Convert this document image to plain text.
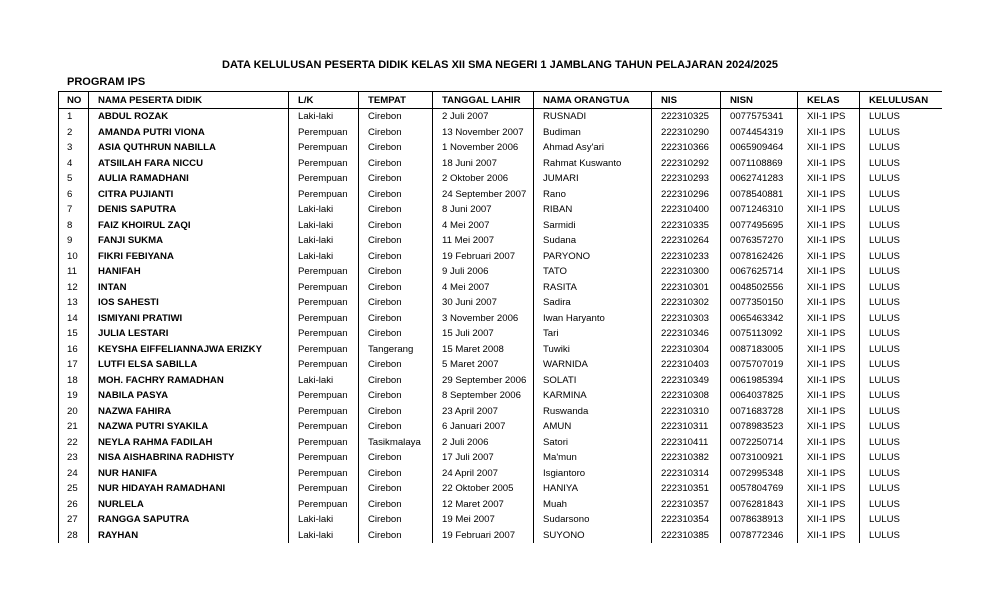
DATA KELULUSAN PESERTA DIDIK KELAS XII SMA NEGERI 1 JAMBLANG TAHUN PELAJARAN 2024/2025
PROGRAM IPS
NO	NAMA PESERTA DIDIK	L/K	TEMPAT	TANGGAL LAHIR	NAMA ORANGTUA	NIS	NISN	KELAS	KELULUSAN
1	ABDUL ROZAK	Laki-laki	Cirebon	2 Juli 2007	RUSNADI	222310325	0077575341	XII-1 IPS	LULUS
2	AMANDA PUTRI VIONA	Perempuan	Cirebon	13 November 2007	Budiman	222310290	0074454319	XII-1 IPS	LULUS
3	ASIA QUTHRUN NABILLA	Perempuan	Cirebon	1 November 2006	Ahmad Asy'ari	222310366	0065909464	XII-1 IPS	LULUS
4	ATSIILAH FARA NICCU	Perempuan	Cirebon	18 Juni 2007	Rahmat Kuswanto	222310292	0071108869	XII-1 IPS	LULUS
5	AULIA RAMADHANI	Perempuan	Cirebon	2 Oktober 2006	JUMARI	222310293	0062741283	XII-1 IPS	LULUS
6	CITRA PUJIANTI	Perempuan	Cirebon	24 September 2007	Rano	222310296	0078540881	XII-1 IPS	LULUS
7	DENIS SAPUTRA	Laki-laki	Cirebon	8 Juni 2007	RIBAN	222310400	0071246310	XII-1 IPS	LULUS
8	FAIZ KHOIRUL ZAQI	Laki-laki	Cirebon	4 Mei 2007	Sarmidi	222310335	0077495695	XII-1 IPS	LULUS
9	FANJI SUKMA	Laki-laki	Cirebon	11 Mei 2007	Sudana	222310264	0076357270	XII-1 IPS	LULUS
10	FIKRI FEBIYANA	Laki-laki	Cirebon	19 Februari 2007	PARYONO	222310233	0078162426	XII-1 IPS	LULUS
11	HANIFAH	Perempuan	Cirebon	9 Juli 2006	TATO	222310300	0067625714	XII-1 IPS	LULUS
12	INTAN	Perempuan	Cirebon	4 Mei 2007	RASITA	222310301	0048502556	XII-1 IPS	LULUS
13	IOS SAHESTI	Perempuan	Cirebon	30 Juni 2007	Sadira	222310302	0077350150	XII-1 IPS	LULUS
14	ISMIYANI PRATIWI	Perempuan	Cirebon	3 November 2006	Iwan Haryanto	222310303	0065463342	XII-1 IPS	LULUS
15	JULIA LESTARI	Perempuan	Cirebon	15 Juli 2007	Tari	222310346	0075113092	XII-1 IPS	LULUS
16	KEYSHA EIFFELIANNAJWA ERIZKY	Perempuan	Tangerang	15 Maret 2008	Tuwiki	222310304	0087183005	XII-1 IPS	LULUS
17	LUTFI ELSA SABILLA	Perempuan	Cirebon	5 Maret 2007	WARNIDA	222310403	0075707019	XII-1 IPS	LULUS
18	MOH. FACHRY RAMADHAN	Laki-laki	Cirebon	29 September 2006	SOLATI	222310349	0061985394	XII-1 IPS	LULUS
19	NABILA PASYA	Perempuan	Cirebon	8 September 2006	KARMINA	222310308	0064037825	XII-1 IPS	LULUS
20	NAZWA FAHIRA	Perempuan	Cirebon	23 April 2007	Ruswanda	222310310	0071683728	XII-1 IPS	LULUS
21	NAZWA PUTRI SYAKILA	Perempuan	Cirebon	6 Januari 2007	AMUN	222310311	0078983523	XII-1 IPS	LULUS
22	NEYLA RAHMA FADILAH	Perempuan	Tasikmalaya	2 Juli 2006	Satori	222310411	0072250714	XII-1 IPS	LULUS
23	NISA AISHABRINA RADHISTY	Perempuan	Cirebon	17 Juli 2007	Ma'mun	222310382	0073100921	XII-1 IPS	LULUS
24	NUR HANIFA	Perempuan	Cirebon	24 April 2007	Isgiantoro	222310314	0072995348	XII-1 IPS	LULUS
25	NUR HIDAYAH RAMADHANI	Perempuan	Cirebon	22 Oktober 2005	HANIYA	222310351	0057804769	XII-1 IPS	LULUS
26	NURLELA	Perempuan	Cirebon	12 Maret 2007	Muah	222310357	0076281843	XII-1 IPS	LULUS
27	RANGGA SAPUTRA	Laki-laki	Cirebon	19 Mei 2007	Sudarsono	222310354	0078638913	XII-1 IPS	LULUS
28	RAYHAN	Laki-laki	Cirebon	19 Februari 2007	SUYONO	222310385	0078772346	XII-1 IPS	LULUS
